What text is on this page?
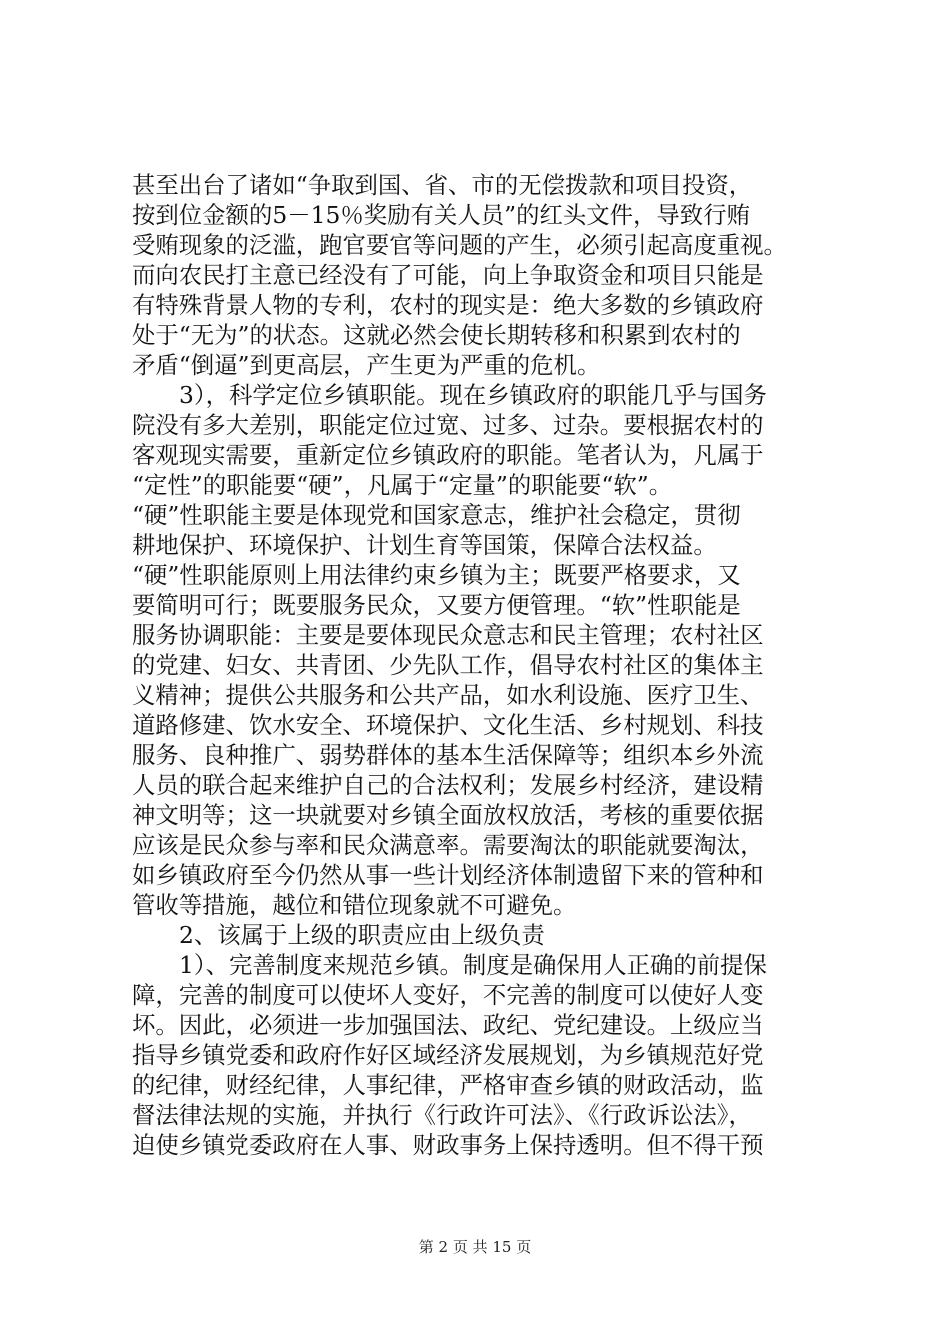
甚至出台了诸如“争取到国、省、市的无偿拨款和项目投资，
按到位金额的5－15％奖励有关人员”的红头文件，导致行贿
受贿现象的泛滥，跑官要官等问题的产生，必须引起高度重视。
而向农民打主意已经没有了可能，向上争取资金和项目只能是
有特殊背景人物的专利，农村的现实是：绝大多数的乡镇政府
处于“无为”的状态。这就必然会使长期转移和积累到农村的
矛盾“倒逼”到更高层，产生更为严重的危机。
3），科学定位乡镇职能。现在乡镇政府的职能几乎与国务
院没有多大差别，职能定位过宽、过多、过杂。要根据农村的
客观现实需要，重新定位乡镇政府的职能。笔者认为，凡属于
“定性”的职能要“硬”，凡属于“定量”的职能要“软”。
“硬”性职能主要是体现党和国家意志，维护社会稳定，贯彻
耕地保护、环境保护、计划生育等国策，保障合法权益。
“硬”性职能原则上用法律约束乡镇为主；既要严格要求，又
要简明可行；既要服务民众，又要方便管理。“软”性职能是
服务协调职能：主要是要体现民众意志和民主管理；农村社区
的党建、妇女、共青团、少先队工作，倡导农村社区的集体主
义精神；提供公共服务和公共产品，如水利设施、医疗卫生、
道路修建、饮水安全、环境保护、文化生活、乡村规划、科技
服务、良种推广、弱势群体的基本生活保障等；组织本乡外流
人员的联合起来维护自己的合法权利；发展乡村经济，建设精
神文明等；这一块就要对乡镇全面放权放活，考核的重要依据
应该是民众参与率和民众满意率。需要淘汰的职能就要淘汰，
如乡镇政府至今仍然从事一些计划经济体制遗留下来的管种和
管收等措施，越位和错位现象就不可避免。
2、该属于上级的职责应由上级负责
1）、完善制度来规范乡镇。制度是确保用人正确的前提保
障，完善的制度可以使坏人变好，不完善的制度可以使好人变
坏。因此，必须进一步加强国法、政纪、党纪建设。上级应当
指导乡镇党委和政府作好区域经济发展规划，为乡镇规范好党
的纪律，财经纪律，人事纪律，严格审查乡镇的财政活动，监
督法律法规的实施，并执行《行政许可法》、《行政诉讼法》，
迫使乡镇党委政府在人事、财政事务上保持透明。但不得干预
第 2 页 共 15 页
